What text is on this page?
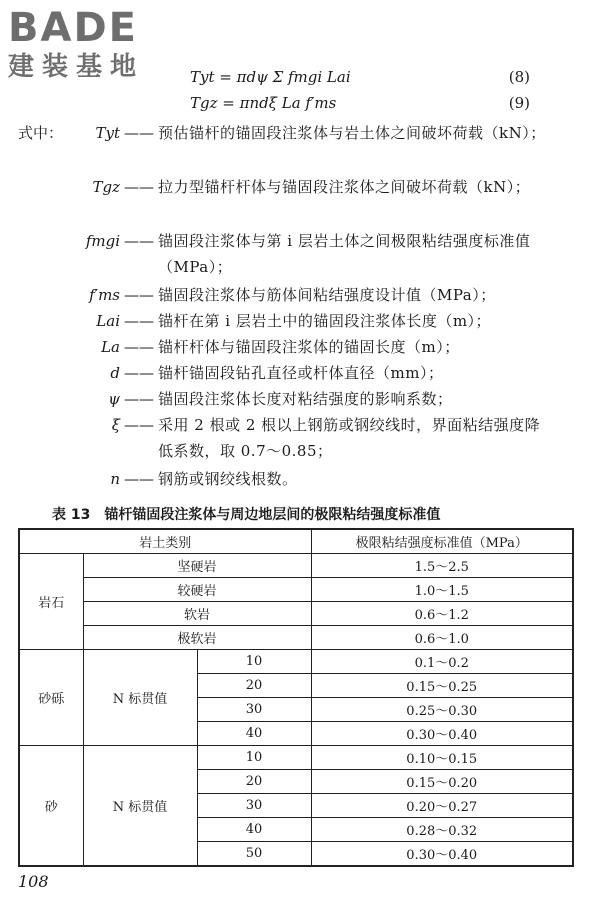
BADE
建装基地	Tyt = πdψ Σ fmgi Lai	(8)
Tgz = πndξ La f′ms	(9)
式中：	Tyt —— 预估锚杆的锚固段注浆体与岩土体之间破坏荷载（kN）；
Tgz —— 拉力型锚杆杆体与锚固段注浆体之间破坏荷载（kN）；
fmgi —— 锚固段注浆体与第 i 层岩土体之间极限粘结强度标准值（MPa）；
f′ms —— 锚固段注浆体与筋体间粘结强度设计值（MPa）；
Lai —— 锚杆在第 i 层岩土中的锚固段注浆体长度（m）；
La —— 锚杆杆体与锚固段注浆体的锚固长度（m）；
d —— 锚杆锚固段钻孔直径或杆体直径（mm）；
ψ —— 锚固段注浆体长度对粘结强度的影响系数；
ξ —— 采用 2 根或 2 根以上钢筋或钢绞线时，界面粘结强度降低系数，取 0.7～0.85；
n —— 钢筋或钢绞线根数。
表 13　锚杆锚固段注浆体与周边地层间的极限粘结强度标准值
岩土类别			极限粘结强度标准值（MPa）
岩石	坚硬岩		1.5～2.5
	较硬岩		1.0～1.5
	软岩		0.6～1.2
	极软岩		0.6～1.0
砂砾	N 标贯值	10	0.1～0.2
		20	0.15～0.25
		30	0.25～0.30
		40	0.30～0.40
砂	N 标贯值	10	0.10～0.15
		20	0.15～0.20
		30	0.20～0.27
		40	0.28～0.32
		50	0.30～0.40
108
